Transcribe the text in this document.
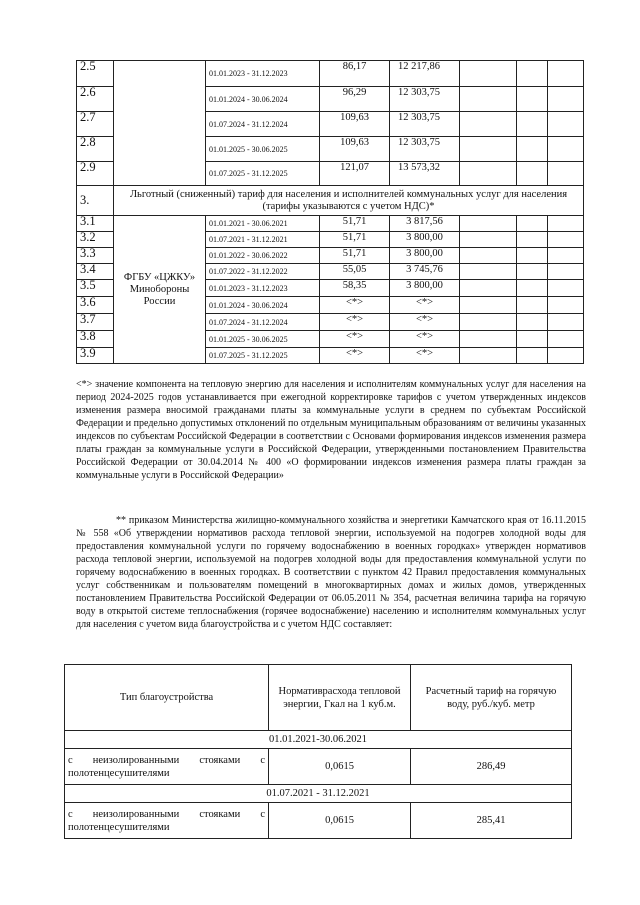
2.5		01.01.2023 - 31.12.2023	86,17	12 217,86			
2.6		01.01.2024 - 30.06.2024	96,29	12 303,75			
2.7		01.07.2024 - 31.12.2024	109,63	12 303,75			
2.8		01.01.2025 - 30.06.2025	109,63	12 303,75			
2.9		01.07.2025 - 31.12.2025	121,07	13 573,32			
3.	Льготный (сниженный) тариф для населения и исполнителей коммунальных услуг для населения (тарифы указываются с учетом НДС)*						
3.1	ФГБУ «ЦЖКУ» Минобороны России	01.01.2021 - 30.06.2021	51,71	3 817,56			
3.2		01.07.2021 - 31.12.2021	51,71	3 800,00			
3.3		01.01.2022 - 30.06.2022	51,71	3 800,00			
3.4		01.07.2022 - 31.12.2022	55,05	3 745,76			
3.5		01.01.2023 - 31.12.2023	58,35	3 800,00			
3.6		01.01.2024 - 30.06.2024	<*>	<*>			
3.7		01.07.2024 - 31.12.2024	<*>	<*>			
3.8		01.01.2025 - 30.06.2025	<*>	<*>			
3.9		01.07.2025 - 31.12.2025	<*>	<*>			

<*> значение компонента на тепловую энергию для населения и исполнителям коммунальных услуг для населения на период 2024-2025 годов устанавливается при ежегодной корректировке тарифов с учетом утвержденных индексов изменения размера вносимой гражданами платы за коммунальные услуги в среднем по субъектам Российской Федерации и предельно допустимых отклонений по отдельным муниципальным образованиям от величины указанных индексов по субъектам Российской Федерации в соответствии с Основами формирования индексов изменения размера платы граждан за коммунальные услуги в Российской Федерации, утвержденными постановлением Правительства Российской Федерации от 30.04.2014 № 400 «О формировании индексов изменения размера платы граждан за коммунальные услуги в Российской Федерации»

** приказом Министерства жилищно-коммунального хозяйства и энергетики Камчатского края от 16.11.2015 № 558 «Об утверждении нормативов расхода тепловой энергии, используемой на подогрев холодной воды для предоставления коммунальной услуги по горячему водоснабжению в военных городках» утвержден нормативов расхода тепловой энергии, используемой на подогрев холодной воды для предоставления коммунальной услуги по горячему водоснабжению в военных городках. В соответствии с пунктом 42 Правил предоставления коммунальных услуг собственникам и пользователям помещений в многоквартирных домах и жилых домов, утвержденных постановлением Правительства Российской Федерации от 06.05.2011 № 354, расчетная величина тарифа на горячую воду в открытой системе теплоснабжения (горячее водоснабжение) населению и исполнителям коммунальных услуг для населения с учетом вида благоустройства и с учетом НДС составляет:

Тип благоустройства	Нормативрасхода тепловой энергии, Гкал на 1 куб.м.	Расчетный тариф на горячую воду, руб./куб. метр
01.01.2021-30.06.2021		
с неизолированными стояками с полотенцесушителями	0,0615	286,49
01.07.2021 - 31.12.2021		
с неизолированными стояками с полотенцесушителями	0,0615	285,41
